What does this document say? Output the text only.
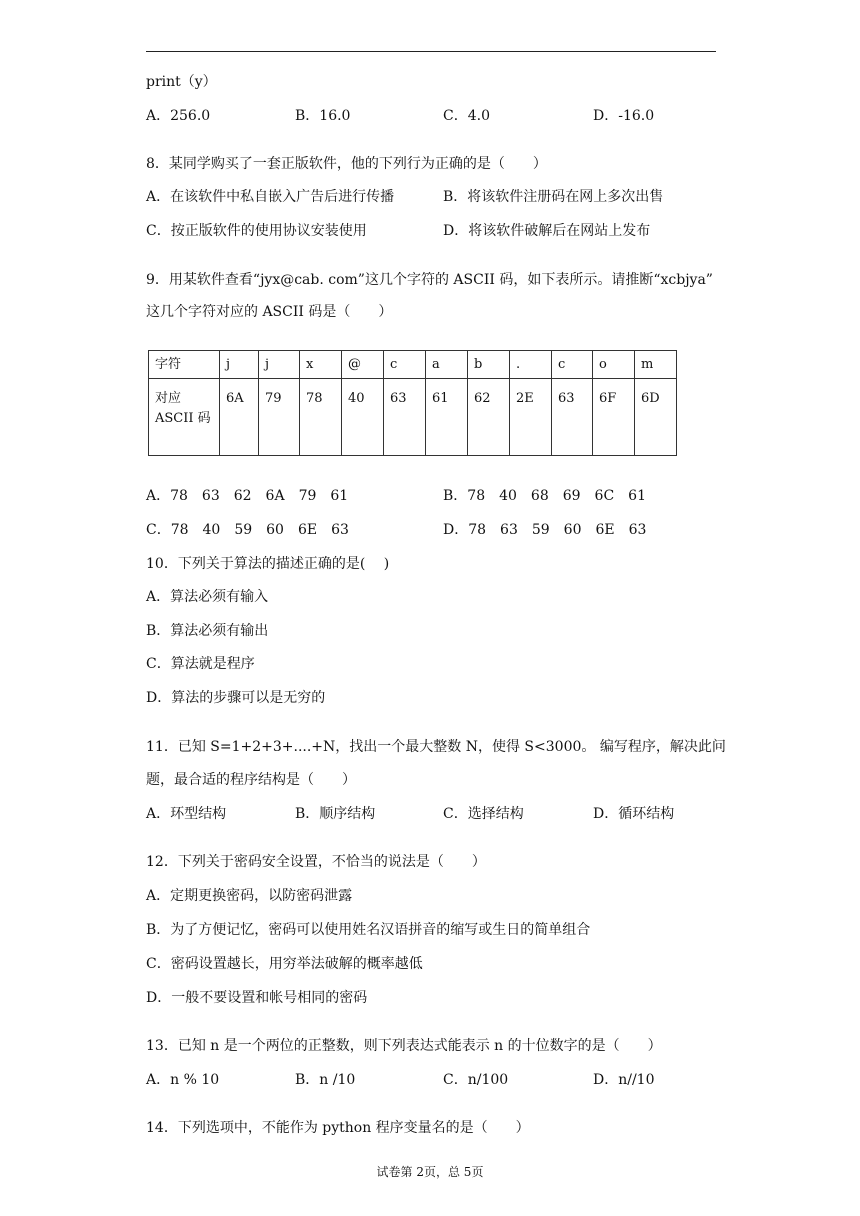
print（y）
A．256.0	B．16.0	C．4.0	D．-16.0
8．某同学购买了一套正版软件，他的下列行为正确的是（　　）
A．在该软件中私自嵌入广告后进行传播	B．将该软件注册码在网上多次出售
C．按正版软件的使用协议安装使用	D．将该软件破解后在网站上发布
9．用某软件查看“jyx@cab. com”这几个字符的 ASCII 码，如下表所示。请推断“xcbjya”
这几个字符对应的 ASCII 码是（　　）
字符	j	j	x	@	c	a	b	.	c	o	m

对应
ASCII 码	6A	79	78	40	63	61	62	2E	63	6F	6D
A．78　63　62　6A　79　61	B．78　40　68　69　6C　61
C．78　40　59　60　6E　63	D．78　63　59　60　6E　63
10．下列关于算法的描述正确的是(　 )
A．算法必须有输入
B．算法必须有输出
C．算法就是程序
D．算法的步骤可以是无穷的
11．已知 S=1+2+3+....+N，找出一个最大整数 N，使得 S<3000。 编写程序，解决此问
题，最合适的程序结构是（　　）
A．环型结构	B．顺序结构	C．选择结构	D．循环结构
12．下列关于密码安全设置，不恰当的说法是（　　）
A．定期更换密码，以防密码泄露
B．为了方便记忆，密码可以使用姓名汉语拼音的缩写或生日的简单组合
C．密码设置越长，用穷举法破解的概率越低
D．一般不要设置和帐号相同的密码
13．已知 n 是一个两位的正整数，则下列表达式能表示 n 的十位数字的是（　　）
A．n % 10	B．n /10	C．n/100	D．n//10
14．下列选项中，不能作为 python 程序变量名的是（　　）
试卷第 2页，总 5页
